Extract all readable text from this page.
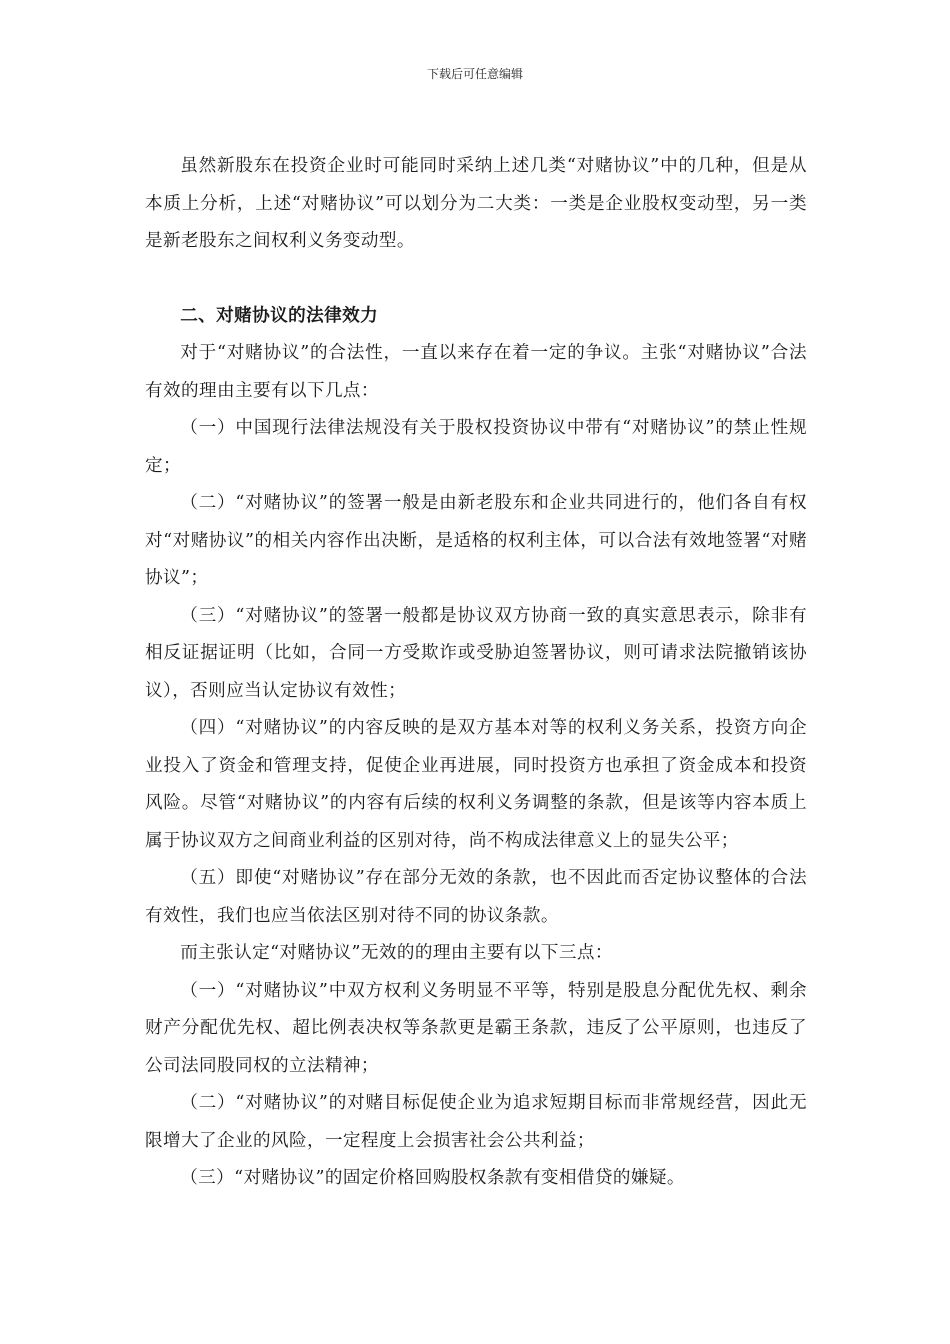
下载后可任意编辑

虽然新股东在投资企业时可能同时采纳上述几类“对赌协议”中的几种，但是从本质上分析，上述“对赌协议”可以划分为二大类：一类是企业股权变动型，另一类是新老股东之间权利义务变动型。

二、对赌协议的法律效力

对于“对赌协议”的合法性，一直以来存在着一定的争议。主张“对赌协议”合法有效的理由主要有以下几点：

（一）中国现行法律法规没有关于股权投资协议中带有“对赌协议”的禁止性规定；

（二）“对赌协议”的签署一般是由新老股东和企业共同进行的，他们各自有权对“对赌协议”的相关内容作出决断，是适格的权利主体，可以合法有效地签署“对赌协议”；

（三）“对赌协议”的签署一般都是协议双方协商一致的真实意思表示，除非有相反证据证明（比如，合同一方受欺诈或受胁迫签署协议，则可请求法院撤销该协议），否则应当认定协议有效性；

（四）“对赌协议”的内容反映的是双方基本对等的权利义务关系，投资方向企业投入了资金和管理支持，促使企业再进展，同时投资方也承担了资金成本和投资风险。尽管“对赌协议”的内容有后续的权利义务调整的条款，但是该等内容本质上属于协议双方之间商业利益的区别对待，尚不构成法律意义上的显失公平；

（五）即使“对赌协议”存在部分无效的条款，也不因此而否定协议整体的合法有效性，我们也应当依法区别对待不同的协议条款。

而主张认定“对赌协议”无效的的理由主要有以下三点：

（一）“对赌协议”中双方权利义务明显不平等，特别是股息分配优先权、剩余财产分配优先权、超比例表决权等条款更是霸王条款，违反了公平原则，也违反了公司法同股同权的立法精神；

（二）“对赌协议”的对赌目标促使企业为追求短期目标而非常规经营，因此无限增大了企业的风险，一定程度上会损害社会公共利益；

（三）“对赌协议”的固定价格回购股权条款有变相借贷的嫌疑。
